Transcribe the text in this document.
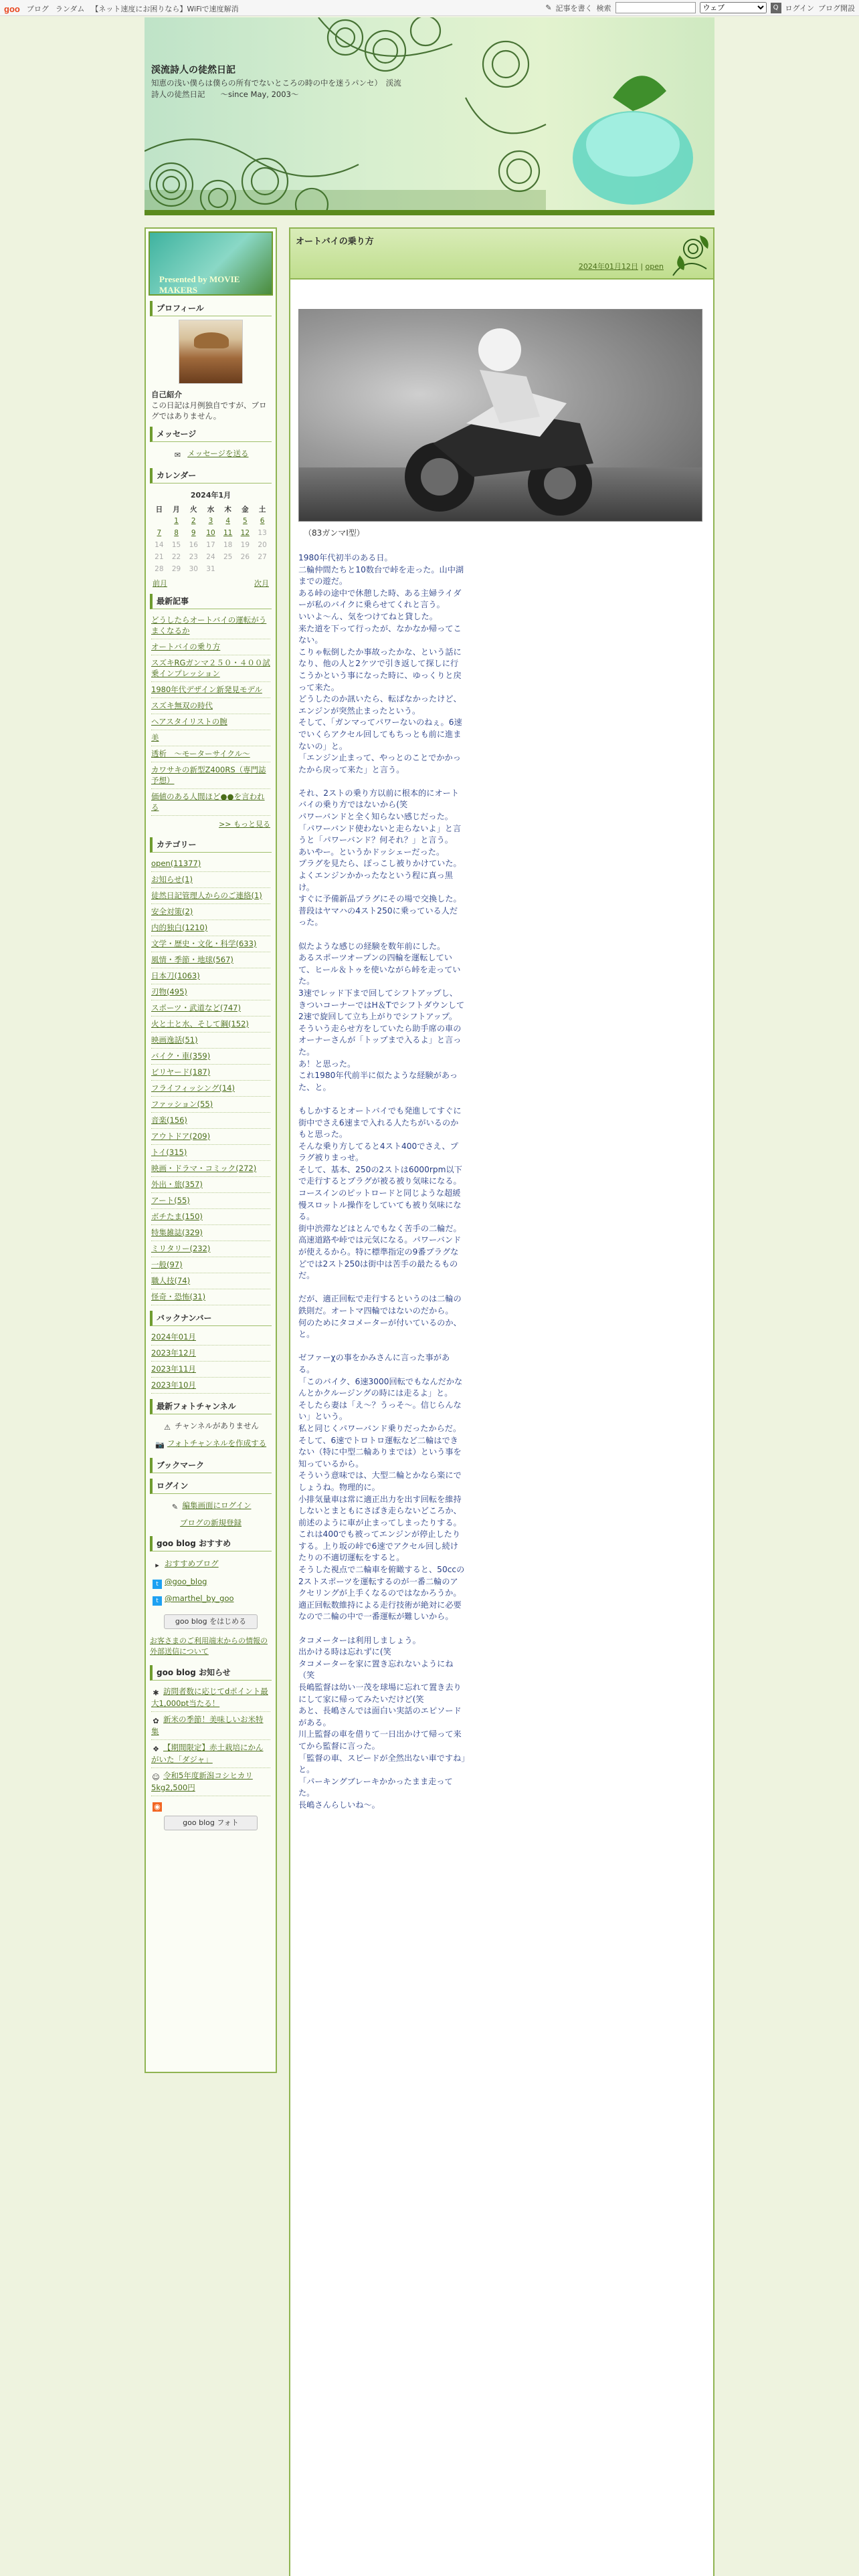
goo ブログ ランダム 【ネット速度にお困りなら】WiFiで速度解消	✎ 記事を書く 検索
ウェブ	Q ログイン ブログ開設
渓流詩人の徒然日記
知恵の浅い僕らは僕らの所有でないところの時の中を迷うパンセ）　渓流詩人の徒然日記　　～since May, 2003～
Presented by MOVIE MAKERS
プロフィール
自己紹介
この日記は月例独自ですが、ブログではありません。
メッセージ
✉ メッセージを送る
カレンダー
2024年1月
日	月	火	水	木	金	土
	1	2	3	4	5	6
7	8	9	10	11	12	13
14	15	16	17	18	19	20
21	22	23	24	25	26	27
28	29	30	31			
前月	次月
最新記事
どうしたらオートバイの運転がうまくなるか
オートバイの乗り方
スズキRGガンマ２５０・４００試乗インプレッション
1980年代デザイン新発見モデル
スズキ無双の時代
ヘアスタイリストの腕
美
透析　～モーターサイクル～
カワサキの新型Z400RS（専門誌予想）
価値のある人間ほど●●を言われる
>> もっと見る
カテゴリー
open(11377)
お知らせ(1)
徒然日記管理人からのご連絡(1)
安全対策(2)
内的独白(1210)
文学・歴史・文化・科学(633)
風情・季節・地球(567)
日本刀(1063)
刃物(495)
スポーツ・武道など(747)
火と土と水、そして鋼(152)
映画逸話(51)
バイク・車(359)
ビリヤード(187)
フライフィッシング(14)
ファッション(55)
音楽(156)
アウトドア(209)
トイ(315)
映画・ドラマ・コミック(272)
外出・旅(357)
アート(55)
ボチたま(150)
特集雑誌(329)
ミリタリー(232)
一般(97)
職人技(74)
怪奇・恐怖(31)
バックナンバー
2024年01月
2023年12月
2023年11月
2023年10月
最新フォトチャンネル
⚠ チャンネルがありません
📷 フォトチャンネルを作成する
ブックマーク
ログイン
✎ 編集画面にログイン
ブログの新規登録
goo blog おすすめ
▸ おすすめブログ
t @goo_blog
t @marthel_by_goo
goo blog をはじめる
お客さまのご利用端末からの情報の外部送信について
goo blog お知らせ
✱ 訪問者数に応じてdポイント最大1,000pt当たる！
✿ 新米の季節！美味しいお米特集
❖ 【期間限定】赤土栽培にかんがいた「ダジャ」
☺ 令和5年度新潟コシヒカリ5kg2,500円
◉
goo blog フォト
オートバイの乗り方
2024年01月12日 | open
（83ガンマI型）
1980年代初半のある日。
二輪仲間たちと10数台で峠を走った。山中湖までの遊だ。
ある峠の途中で休憩した時、ある主婦ライダーが私のバイクに乗らせてくれと言う。
いいよ～ん、気をつけてねと貸した。
来た道を下って行ったが、なかなか帰ってこない。
こりゃ転倒したか事故ったかな、という話になり、他の人と2ケツで引き返して探しに行こうかという事になった時に、ゆっくりと戻って来た。
どうしたのか訊いたら、転ばなかったけど、エンジンが突然止まったという。
そして、「ガンマってパワーないのねぇ。6速でいくらアクセル回してもちっとも前に進まないの」と。
「エンジン止まって、やっとのことでかかったから戻って来た」と言う。

それ、2ストの乗り方以前に根本的にオートバイの乗り方ではないから(笑
パワーバンドと全く知らない感じだった。
「パワーバンド使わないと走らないよ」と言うと「パワーバンド？何それ？」と言う。
あいやー。というかドッシェーだった。
プラグを見たら、ぽっこし被りかけていた。よくエンジンかかったなという程に真っ黒け。
すぐに予備新品プラグにその場で交換した。
普段はヤマハの4スト250に乗っている人だった。

似たような感じの経験を数年前にした。
あるスポーツオープンの四輪を運転していて、ヒール＆トゥを使いながら峠を走っていた。
3速でレッド下まで回してシフトアップし、きついコーナーではH＆Tでシフトダウンして2速で旋回して立ち上がりでシフトアップ。
そういう走らせ方をしていたら助手席の車のオーナーさんが「トップまで入るよ」と言った。
あ！と思った。
これ1980年代前半に似たような経験があった、と。

もしかするとオートバイでも発進してすぐに街中でさえ6速まで入れる人たちがいるのかもと思った。
そんな乗り方してると4スト400でさえ、プラグ被りまっせ。
そして、基本、250の2ストは6000rpm以下で走行するとプラグが被る被り気味になる。
コースインのピットロードと同じような超緩慢スロットル操作をしていても被り気味になる。
街中渋滞などはとんでもなく苦手の二輪だ。高速道路や峠では元気になる。パワーバンドが使えるから。特に標準指定の9番プラグなどでは2スト250は街中は苦手の最たるものだ。

だが、適正回転で走行するというのは二輪の鉄則だ。オートマ四輪ではないのだから。
何のためにタコメーターが付いているのか、と。

ゼファーχの事をかみさんに言った事がある。
「このバイク、6速3000回転でもなんだかなんとかクルージングの時には走るよ」と。
そしたら妻は「え～？うっそ～。信じらんない」という。
私と同じくパワーバンド乗りだったからだ。
そして、6速でトロトロ運転など二輪はできない（特に中型二輪ありまでは）という事を知っているから。
そういう意味では、大型二輪とかなら楽にでしょうね。物理的に。
小排気量車は常に適正出力を出す回転を維持しないとまともにさばき走らないどころか、前述のように車が止まってしまったりする。
これは400でも被ってエンジンが停止したりする。上り坂の峠で6速でアクセル回し続けたりの不適切運転をすると。
そうした視点で二輪車を俯瞰すると、50ccの2ストスポーツを運転するのが一番二輪のアクセリングが上手くなるのではなかろうか。適正回転数維持による走行技術が絶対に必要なので二輪の中で一番運転が難しいから。

タコメーターは利用しましょう。
出かける時は忘れずに(笑
タコメーターを家に置き忘れないようにね（笑
長嶋監督は幼い一茂を球場に忘れて置き去りにして家に帰ってみたいだけど(笑
あと、長嶋さんでは面白い実話のエピソードがある。
川上監督の車を借りて一日出かけて帰って来てから監督に言った。
「監督の車、スピードが全然出ない車ですね」と。
「パーキングブレーキかかったまま走ってた。
長嶋さんらしいね〜。
